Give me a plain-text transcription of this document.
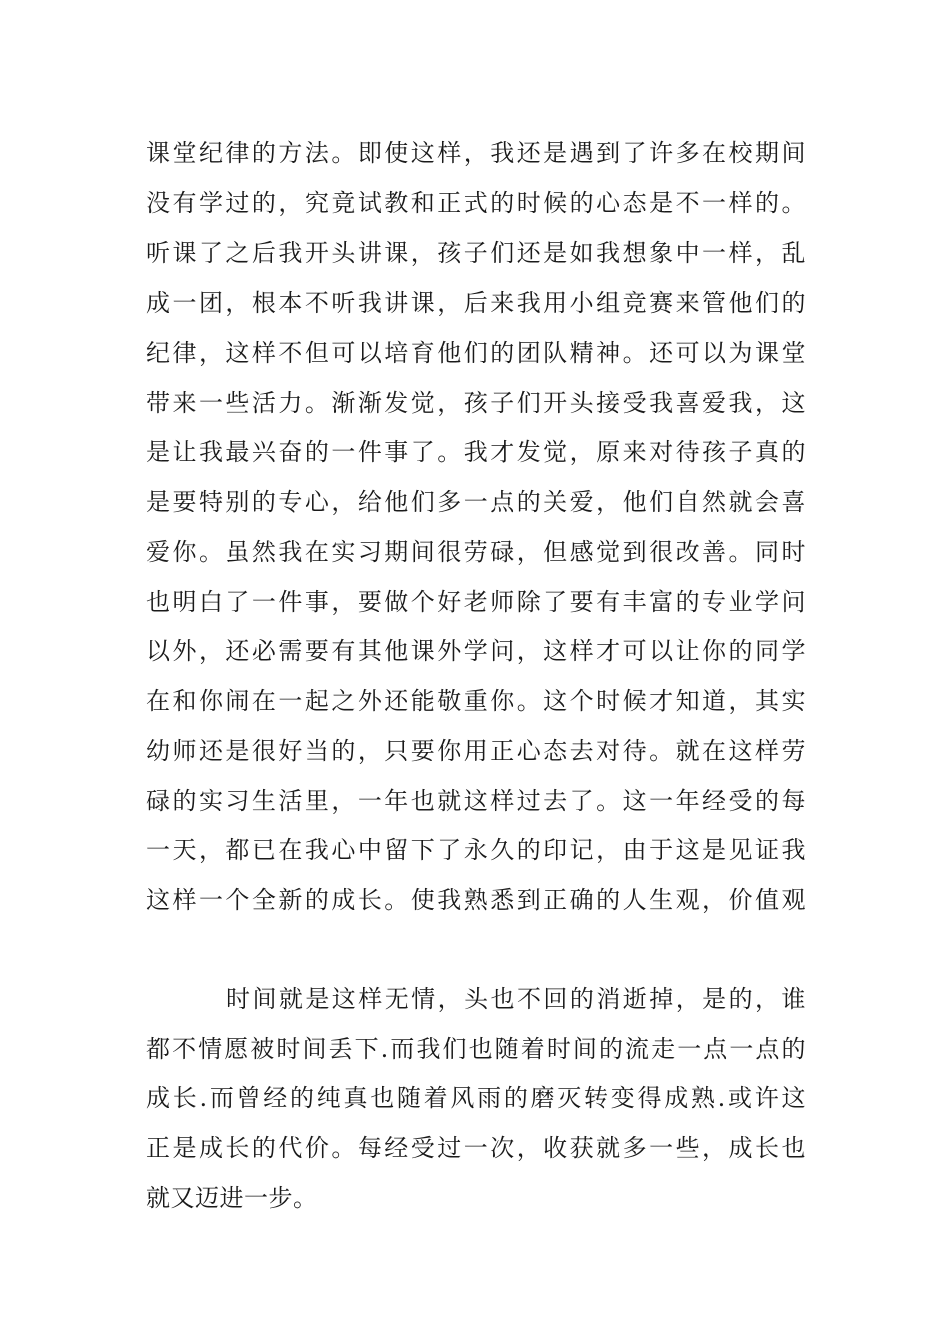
课堂纪律的方法。即使这样，我还是遇到了许多在校期间
没有学过的，究竟试教和正式的时候的心态是不一样的。
听课了之后我开头讲课，孩子们还是如我想象中一样，乱
成一团，根本不听我讲课，后来我用小组竞赛来管他们的
纪律，这样不但可以培育他们的团队精神。还可以为课堂
带来一些活力。渐渐发觉，孩子们开头接受我喜爱我，这
是让我最兴奋的一件事了。我才发觉，原来对待孩子真的
是要特别的专心，给他们多一点的关爱，他们自然就会喜
爱你。虽然我在实习期间很劳碌，但感觉到很改善。同时
也明白了一件事，要做个好老师除了要有丰富的专业学问
以外，还必需要有其他课外学问，这样才可以让你的同学
在和你闹在一起之外还能敬重你。这个时候才知道，其实
幼师还是很好当的，只要你用正心态去对待。就在这样劳
碌的实习生活里，一年也就这样过去了。这一年经受的每
一天，都已在我心中留下了永久的印记，由于这是见证我
这样一个全新的成长。使我熟悉到正确的人生观，价值观
时间就是这样无情，头也不回的消逝掉，是的，谁
都不情愿被时间丢下.而我们也随着时间的流走一点一点的
成长.而曾经的纯真也随着风雨的磨灭转变得成熟.或许这
正是成长的代价。每经受过一次，收获就多一些，成长也
就又迈进一步。
